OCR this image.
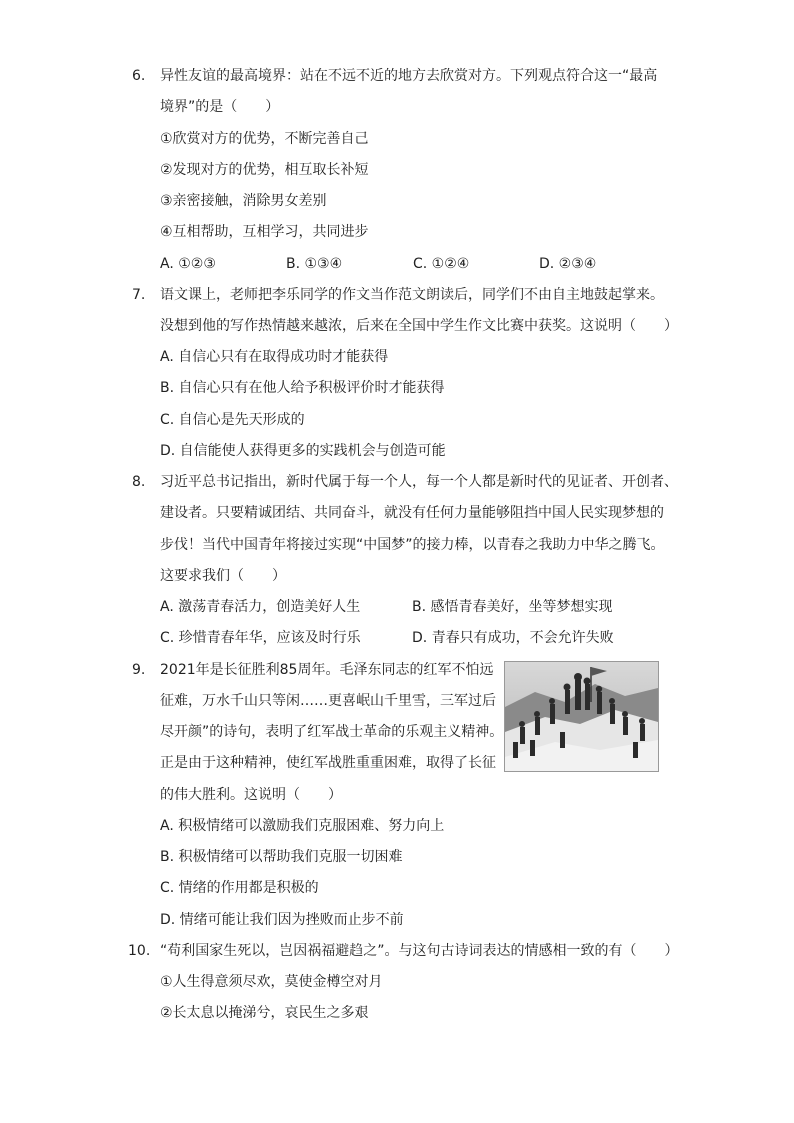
6.	异性友谊的最高境界：站在不远不近的地方去欣赏对方。下列观点符合这一“最高
境界”的是（　　）
①欣赏对方的优势，不断完善自己
②发现对方的优势，相互取长补短
③亲密接触，消除男女差别
④互相帮助，互相学习，共同进步
A. ①②③	B. ①③④	C. ①②④	D. ②③④
7.	语文课上，老师把李乐同学的作文当作范文朗读后，同学们不由自主地鼓起掌来。
没想到他的写作热情越来越浓，后来在全国中学生作文比赛中获奖。这说明（　　）
A. 自信心只有在取得成功时才能获得
B. 自信心只有在他人给予积极评价时才能获得
C. 自信心是先天形成的
D. 自信能使人获得更多的实践机会与创造可能
8.	习近平总书记指出，新时代属于每一个人，每一个人都是新时代的见证者、开创者、
建设者。只要精诚团结、共同奋斗，就没有任何力量能够阻挡中国人民实现梦想的
步伐！当代中国青年将接过实现“中国梦”的接力棒，以青春之我助力中华之腾飞。
这要求我们（　　）
A. 激荡青春活力，创造美好人生	B. 感悟青春美好，坐等梦想实现
C. 珍惜青春年华，应该及时行乐	D. 青春只有成功，不会允许失败
9.	2021年是长征胜利85周年。毛泽东同志的红军不怕远
征难，万水千山只等闲……更喜岷山千里雪，三军过后
尽开颜”的诗句，表明了红军战士革命的乐观主义精神。
正是由于这种精神，使红军战胜重重困难，取得了长征
的伟大胜利。这说明（　　）
A. 积极情绪可以激励我们克服困难、努力向上
B. 积极情绪可以帮助我们克服一切困难
C. 情绪的作用都是积极的
D. 情绪可能让我们因为挫败而止步不前
10. “苟利国家生死以，岂因祸福避趋之”。与这句古诗词表达的情感相一致的有（　　）
①人生得意须尽欢，莫使金樽空对月
②长太息以掩涕兮，哀民生之多艰
